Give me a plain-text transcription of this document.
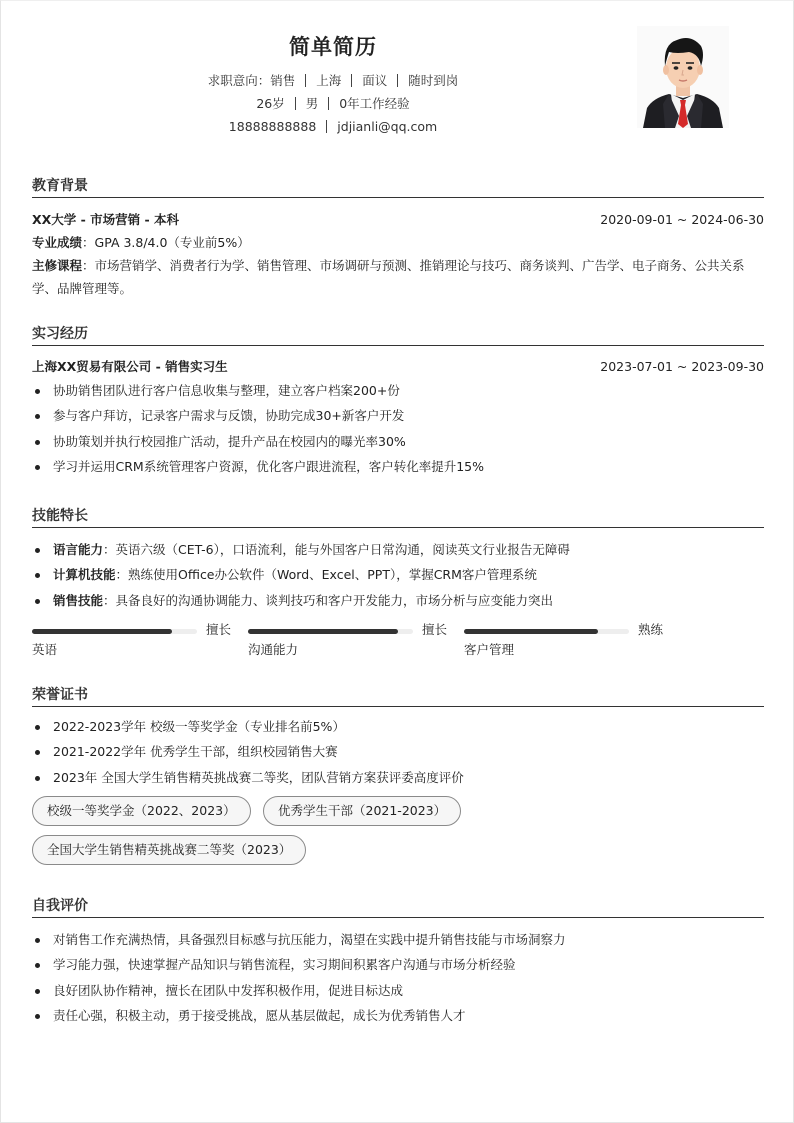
简单简历
求职意向：销售 上海 面议 随时到岗
26岁 男 0年工作经验
18888888888 jdjianli@qq.com
教育背景
XX大学 - 市场营销 - 本科	2020-09-01 ~ 2024-06-30
专业成绩：GPA 3.8/4.0（专业前5%）
主修课程：市场营销学、消费者行为学、销售管理、市场调研与预测、推销理论与技巧、商务谈判、广告学、电子商务、公共关系学、品牌管理等。
实习经历
上海XX贸易有限公司 - 销售实习生	2023-07-01 ~ 2023-09-30
协助销售团队进行客户信息收集与整理，建立客户档案200+份
参与客户拜访，记录客户需求与反馈，协助完成30+新客户开发
协助策划并执行校园推广活动，提升产品在校园内的曝光率30%
学习并运用CRM系统管理客户资源，优化客户跟进流程，客户转化率提升15%
技能特长
语言能力：英语六级（CET-6），口语流利，能与外国客户日常沟通，阅读英文行业报告无障碍
计算机技能：熟练使用Office办公软件（Word、Excel、PPT），掌握CRM客户管理系统
销售技能：具备良好的沟通协调能力、谈判技巧和客户开发能力，市场分析与应变能力突出
擅长
英语
擅长
沟通能力
熟练
客户管理
荣誉证书
2022-2023学年 校级一等奖学金（专业排名前5%）
2021-2022学年 优秀学生干部，组织校园销售大赛
2023年 全国大学生销售精英挑战赛二等奖，团队营销方案获评委高度评价
校级一等奖学金（2022、2023）	优秀学生干部（2021-2023）
全国大学生销售精英挑战赛二等奖（2023）
自我评价
对销售工作充满热情，具备强烈目标感与抗压能力，渴望在实践中提升销售技能与市场洞察力
学习能力强，快速掌握产品知识与销售流程，实习期间积累客户沟通与市场分析经验
良好团队协作精神，擅长在团队中发挥积极作用，促进目标达成
责任心强，积极主动，勇于接受挑战，愿从基层做起，成长为优秀销售人才
